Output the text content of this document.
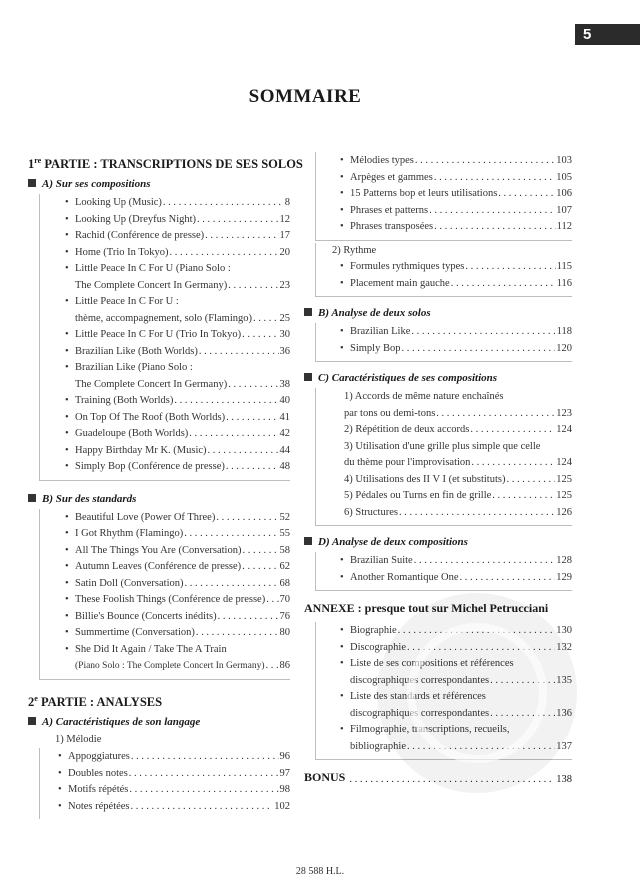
5
SOMMAIRE
1re PARTIE : TRANSCRIPTIONS DE SES SOLOS
A) Sur ses compositions
• Looking Up (Music) . . .	8
• Looking Up (Dreyfus Night) . . .	12
• Rachid (Conférence de presse) . . .	17
• Home (Trio In Tokyo) . . .	20
• Little Peace In C For U (Piano Solo :
The Complete Concert In Germany) . . .	23
• Little Peace In C For U :
thème, accompagnement, solo (Flamingo) . . .	25
• Little Peace In C For U (Trio In Tokyo) . . .	30
• Brazilian Like (Both Worlds) . . .	36
• Brazilian Like (Piano Solo :
The Complete Concert In Germany) . . .	38
• Training (Both Worlds) . . .	40
• On Top Of The Roof (Both Worlds) . . .	41
• Guadeloupe (Both Worlds) . . .	42
• Happy Birthday Mr K. (Music) . . .	44
• Simply Bop (Conférence de presse) . . .	48
B) Sur des standards
• Beautiful Love (Power Of Three) . . .	52
• I Got Rhythm (Flamingo) . . .	55
• All The Things You Are (Conversation) . . .	58
• Autumn Leaves (Conférence de presse) . . .	62
• Satin Doll (Conversation) . . .	68
• These Foolish Things (Conférence de presse) . . . 70
• Billie's Bounce (Concerts inédits) . . .	76
• Summertime (Conversation) . . .	80
• She Did It Again / Take The A Train
(Piano Solo : The Complete Concert In Germany) . . . 86
2e PARTIE : ANALYSES
A) Caractéristiques de son langage
1) Mélodie
• Appoggiatures . . .	96
• Doubles notes . . .	97
• Motifs répétés . . .	98
• Notes répétées . . .	102
• Mélodies types . . .	103
• Arpèges et gammes . . .	105
• 15 Patterns bop et leurs utilisations . . .	106
• Phrases et patterns . . .	107
• Phrases transposées . . .	112
2) Rythme
• Formules rythmiques types . . .	115
• Placement main gauche . . .	116
B) Analyse de deux solos
• Brazilian Like . . .	118
• Simply Bop . . .	120
C) Caractéristiques de ses compositions
1) Accords de même nature enchaînés
par tons ou demi-tons . . .	123
2) Répétition de deux accords . . .	124
3) Utilisation d'une grille plus simple que celle
du thème pour l'improvisation . . .	124
4) Utilisations des II V I (et substituts) . . .	125
5) Pédales ou Turns en fin de grille . . .	125
6) Structures . . .	126
D) Analyse de deux compositions
• Brazilian Suite . . .	128
• Another Romantique One . . .	129
ANNEXE : presque tout sur Michel Petrucciani
• Biographie . . .	130
• Discographie . . .	132
• Liste de ses compositions et références
discographiques correspondantes . . .	135
• Liste des standards et références
discographiques correspondantes . . .	136
• Filmographie, transcriptions, recueils,
bibliographie . . .	137
BONUS . . .	138
28 588 H.L.
